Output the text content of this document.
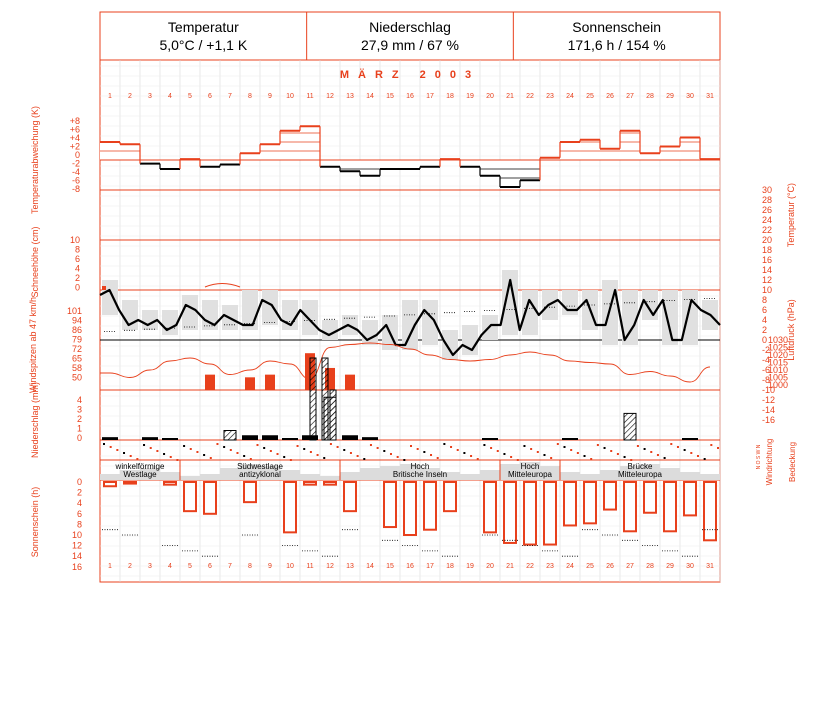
Temperatur
5,0°C / +1,1 K
Niederschlag
27,9 mm / 67 %
Sonnenschein
171,6 h / 154 %
MÄRZ 2003
1
1
2
2
3
3
4
4
5
5
6
6
7
7
8
8
9
9
10
10
11
11
12
12
13
13
14
14
15
15
16
16
17
17
18
18
19
19
20
20
21
21
22
22
23
23
24
24
25
25
26
26
27
27
28
28
29
29
30
30
31
31
+8
+6
+4
+2
0
-2
-4
-6
-8
Temperaturabweichung (K)	30
28
26
24
22
20
18
16
14
12
10
8
6
4
2
0
-2
-4
-6
-8
-10
-12
-14
-16
Temperatur (°C)
10
8
6
4
2
0
Schneehöhe (cm)
101
94
86
79
72
65
58
50
Windspitzen ab 47 km/h	1030
1025
1020
1015
1010
1005
1000
Luftdruck (hPa)
4
3
2
1
0
Niederschlag (mm)	N O S W N Windrichtung Bedeckung
winkelförmige
Westlage
Südwestlage
antizyklonal
Hoch
Britische Inseln
Hoch
Mitteleuropa
Brücke
Mitteleuropa
0
2
4
6
8
10
12
14
16
Sonnenschein (h)
